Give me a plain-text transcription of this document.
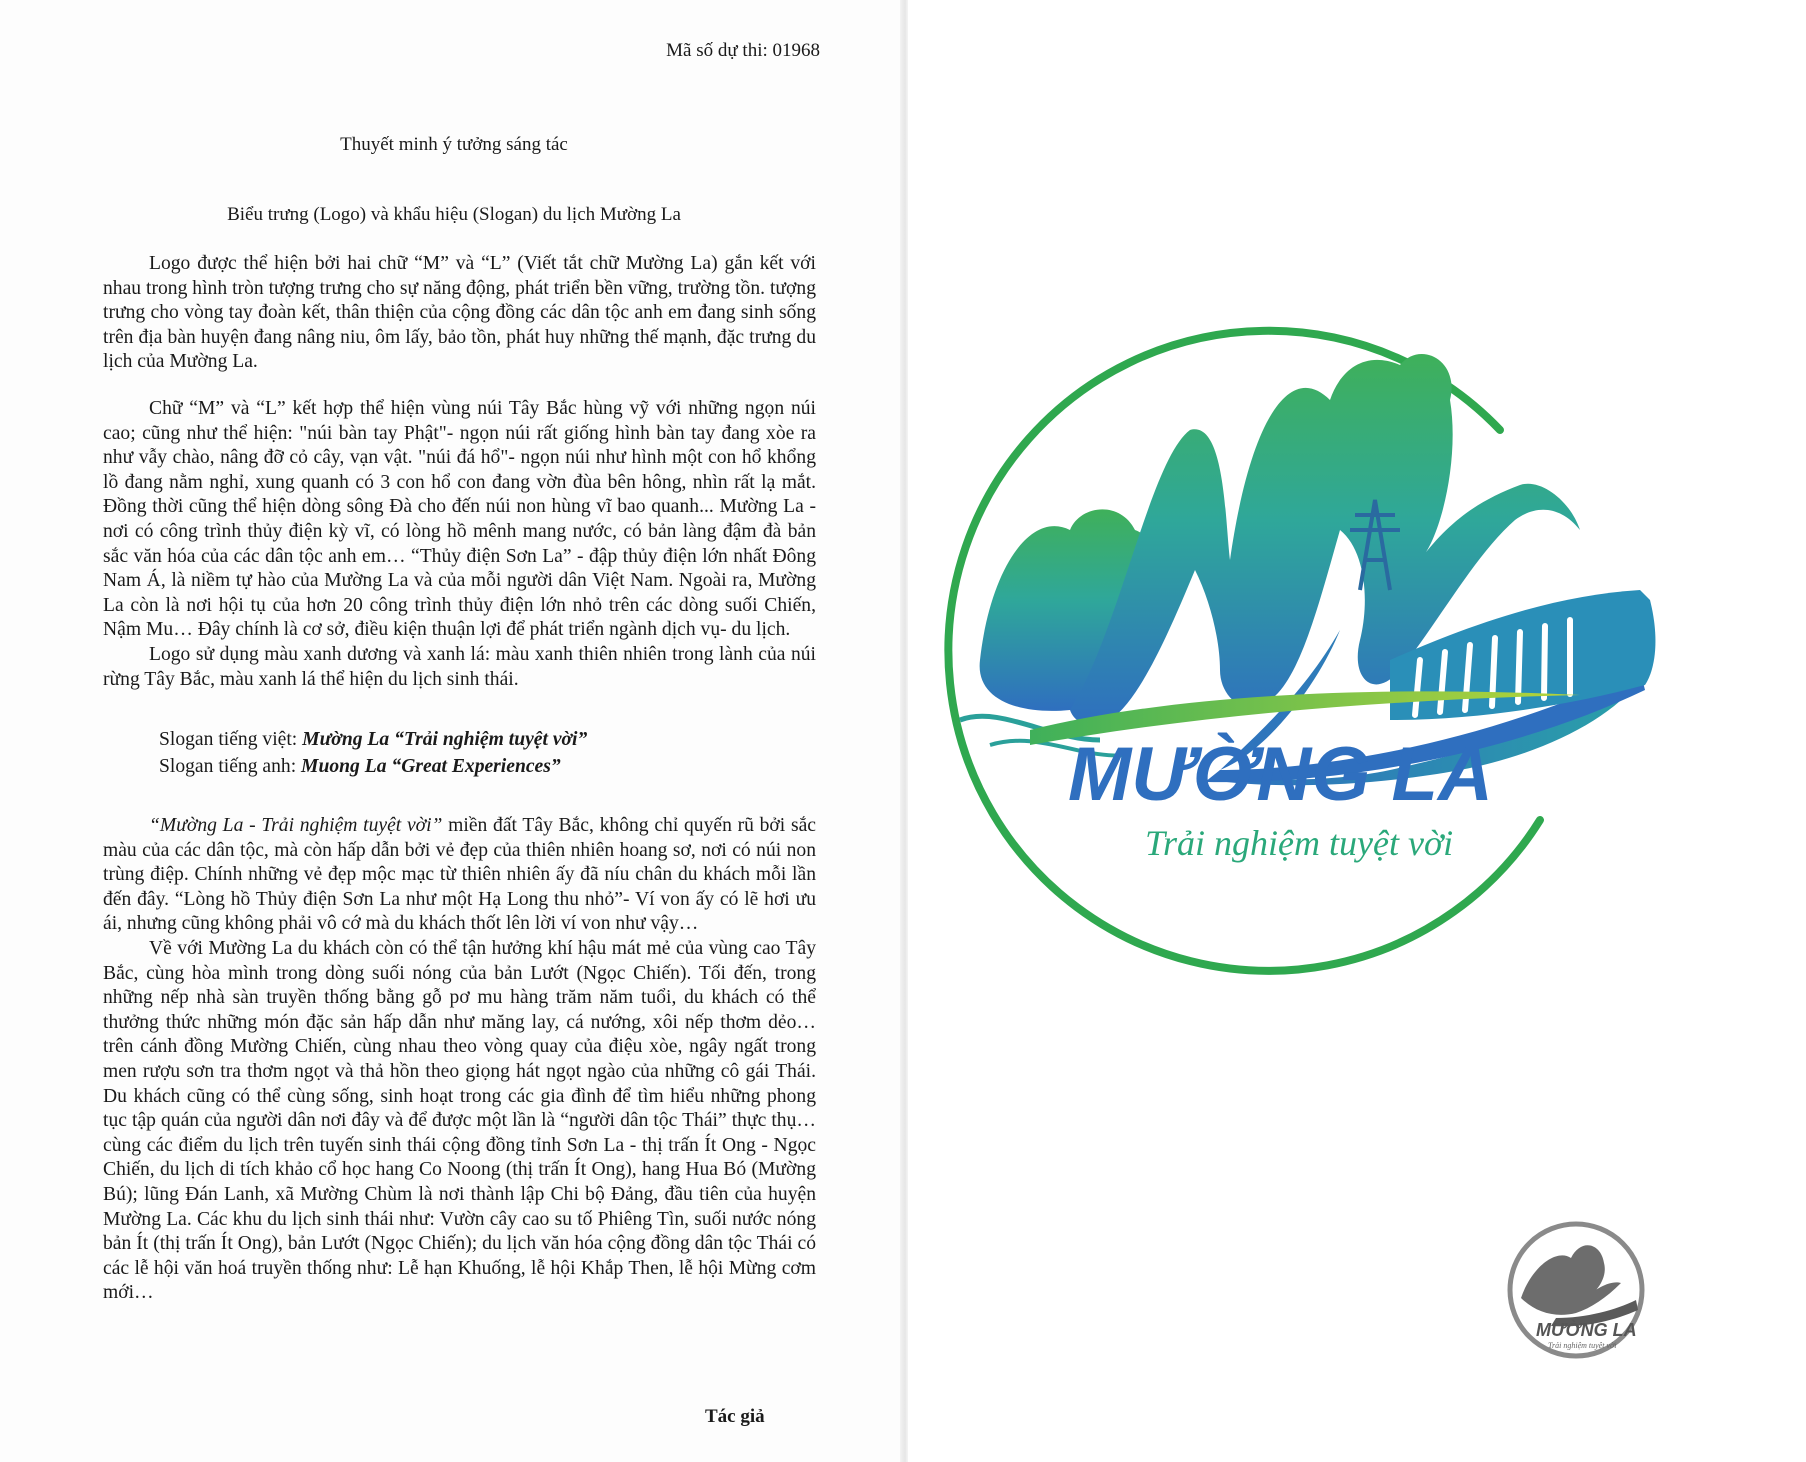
Mã số dự thi: 01968
Thuyết minh ý tưởng sáng tác
Biểu trưng (Logo) và khẩu hiệu (Slogan) du lịch Mường La

Logo được thể hiện bởi hai chữ “M” và “L” (Viết tắt chữ Mường La) gắn kết với nhau trong hình tròn tượng trưng cho sự năng động, phát triển bền vững, trường tồn. tượng trưng cho vòng tay đoàn kết, thân thiện của cộng đồng các dân tộc anh em đang sinh sống trên địa bàn huyện đang nâng niu, ôm lấy, bảo tồn, phát huy những thế mạnh, đặc trưng du lịch của Mường La.

Chữ “M” và “L” kết hợp thể hiện vùng núi Tây Bắc hùng vỹ với những ngọn núi cao; cũng như thể hiện: "núi bàn tay Phật"- ngọn núi rất giống hình bàn tay đang xòe ra như vẫy chào, nâng đỡ cỏ cây, vạn vật. "núi đá hổ"- ngọn núi như hình một con hổ khổng lồ đang nằm nghỉ, xung quanh có 3 con hổ con đang vờn đùa bên hông, nhìn rất lạ mắt. Đồng thời cũng thể hiện dòng sông Đà cho đến núi non hùng vĩ bao quanh... Mường La - nơi có công trình thủy điện kỳ vĩ, có lòng hồ mênh mang nước, có bản làng đậm đà bản sắc văn hóa của các dân tộc anh em… “Thủy điện Sơn La” - đập thủy điện lớn nhất Đông Nam Á, là niềm tự hào của Mường La và của mỗi người dân Việt Nam. Ngoài ra, Mường La còn là nơi hội tụ của hơn 20 công trình thủy điện lớn nhỏ trên các dòng suối Chiến, Nậm Mu… Đây chính là cơ sở, điều kiện thuận lợi để phát triển ngành dịch vụ- du lịch.

Logo sử dụng màu xanh dương và xanh lá: màu xanh thiên nhiên trong lành của núi rừng Tây Bắc, màu xanh lá thể hiện du lịch sinh thái.

Slogan tiếng việt: Mường La “Trải nghiệm tuyệt vời”
Slogan tiếng anh: Muong La “Great Experiences”

“Mường La - Trải nghiệm tuyệt vời” miền đất Tây Bắc, không chỉ quyến rũ bởi sắc màu của các dân tộc, mà còn hấp dẫn bởi vẻ đẹp của thiên nhiên hoang sơ, nơi có núi non trùng điệp. Chính những vẻ đẹp mộc mạc từ thiên nhiên ấy đã níu chân du khách mỗi lần đến đây. “Lòng hồ Thủy điện Sơn La như một Hạ Long thu nhỏ”- Ví von ấy có lẽ hơi ưu ái, nhưng cũng không phải vô cớ mà du khách thốt lên lời ví von như vậy…

Về với Mường La du khách còn có thể tận hưởng khí hậu mát mẻ của vùng cao Tây Bắc, cùng hòa mình trong dòng suối nóng của bản Lướt (Ngọc Chiến). Tối đến, trong những nếp nhà sàn truyền thống bằng gỗ pơ mu hàng trăm năm tuổi, du khách có thể thưởng thức những món đặc sản hấp dẫn như măng lay, cá nướng, xôi nếp thơm dẻo… trên cánh đồng Mường Chiến, cùng nhau theo vòng quay của điệu xòe, ngây ngất trong men rượu sơn tra thơm ngọt và thả hồn theo giọng hát ngọt ngào của những cô gái Thái. Du khách cũng có thể cùng sống, sinh hoạt trong các gia đình để tìm hiểu những phong tục tập quán của người dân nơi đây và để được một lần là “người dân tộc Thái” thực thụ… cùng các điểm du lịch trên tuyến sinh thái cộng đồng tỉnh Sơn La - thị trấn Ít Ong - Ngọc Chiến, du lịch di tích khảo cổ học hang Co Noong (thị trấn Ít Ong), hang Hua Bó (Mường Bú); lũng Đán Lanh, xã Mường Chùm là nơi thành lập Chi bộ Đảng, đầu tiên của huyện Mường La. Các khu du lịch sinh thái như: Vườn cây cao su tố Phiêng Tìn, suối nước nóng bản Ít (thị trấn Ít Ong), bản Lướt (Ngọc Chiến); du lịch văn hóa cộng đồng dân tộc Thái có các lễ hội văn hoá truyền thống như: Lễ hạn Khuống, lễ hội Khắp Then, lễ hội Mừng cơm mới…

Tác giả
MƯỜNG LA
Trải nghiệm tuyệt vời
MƯỜNG LA
Trải nghiệm tuyệt vời
